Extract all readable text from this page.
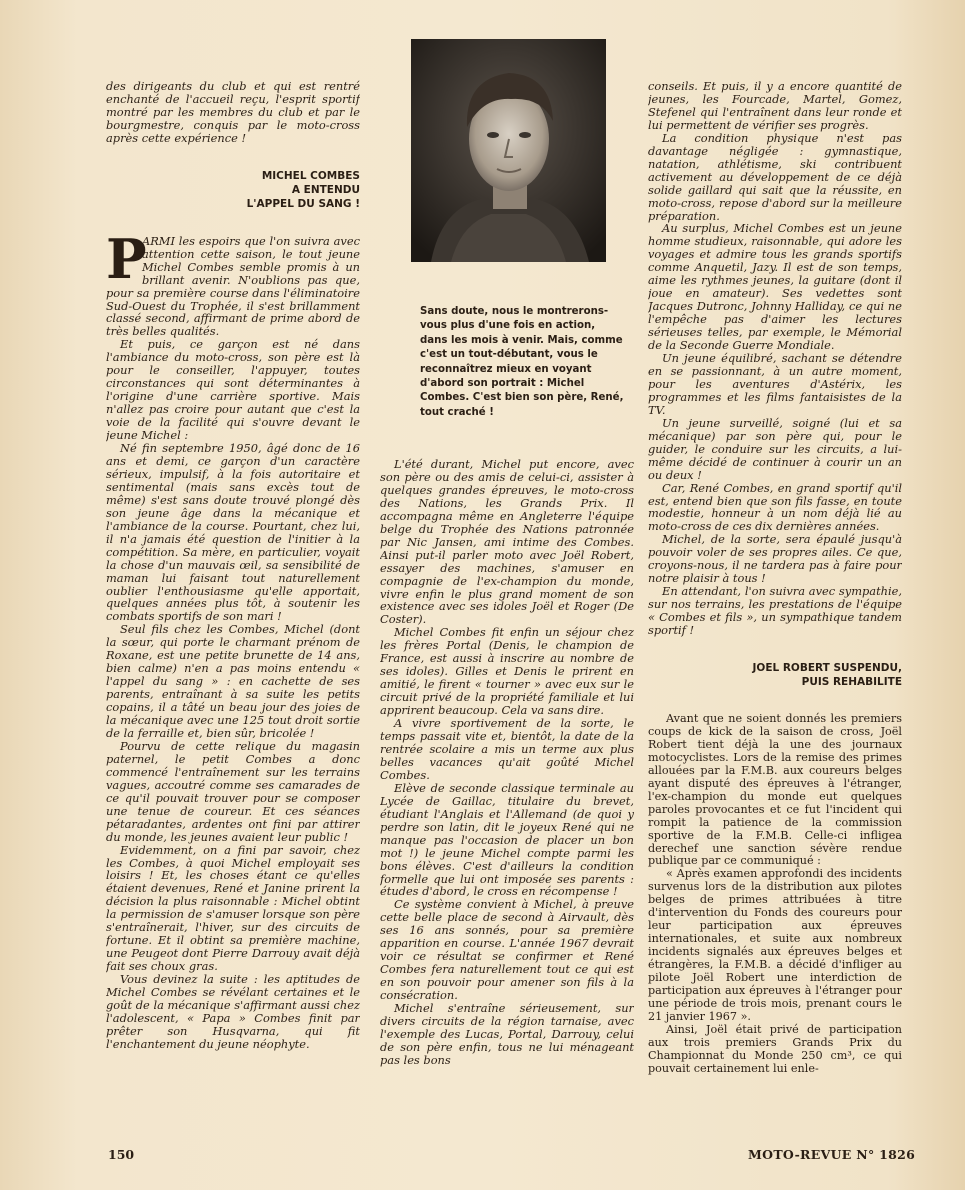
des dirigeants du club et qui est rentré enchanté de l'accueil reçu, l'esprit sportif montré par les membres du club et par le bourgmestre, conquis par le moto-cross après cette expérience !

MICHEL COMBES
A ENTENDU
L'APPEL DU SANG !

P
ARMI les espoirs que l'on suivra avec attention cette saison, le tout jeune Michel Combes semble promis à un brillant avenir. N'oublions pas que, pour sa première course dans l'éliminatoire Sud-Ouest du Trophée, il s'est brillamment classé second, affirmant de prime abord de très belles qualités.

Et puis, ce garçon est né dans l'ambiance du moto-cross, son père est là pour le conseiller, l'appuyer, toutes circonstances qui sont déterminantes à l'origine d'une carrière sportive. Mais n'allez pas croire pour autant que c'est la voie de la facilité qui s'ouvre devant le jeune Michel :

Né fin septembre 1950, âgé donc de 16 ans et demi, ce garçon d'un caractère sérieux, impulsif, à la fois autoritaire et sentimental (mais sans excès tout de même) s'est sans doute trouvé plongé dès son jeune âge dans la mécanique et l'ambiance de la course. Pourtant, chez lui, il n'a jamais été question de l'initier à la compétition. Sa mère, en particulier, voyait la chose d'un mauvais œil, sa sensibilité de maman lui faisant tout naturellement oublier l'enthousiasme qu'elle apportait, quelques années plus tôt, à soutenir les combats sportifs de son mari !

Seul fils chez les Combes, Michel (dont la sœur, qui porte le charmant prénom de Roxane, est une petite brunette de 14 ans, bien calme) n'en a pas moins entendu « l'appel du sang » : en cachette de ses parents, entraînant à sa suite les petits copains, il a tâté un beau jour des joies de la mécanique avec une 125 tout droit sortie de la ferraille et, bien sûr, bricolée !

Pourvu de cette relique du magasin paternel, le petit Combes a donc commencé l'entraînement sur les terrains vagues, accoutré comme ses camarades de ce qu'il pouvait trouver pour se composer une tenue de coureur. Et ces séances pétaradantes, ardentes ont fini par attirer du monde, les jeunes avaient leur public !

Evidemment, on a fini par savoir, chez les Combes, à quoi Michel employait ses loisirs ! Et, les choses étant ce qu'elles étaient devenues, René et Janine prirent la décision la plus raisonnable : Michel obtint la permission de s'amuser lorsque son père s'entraînerait, l'hiver, sur des circuits de fortune. Et il obtint sa première machine, une Peugeot dont Pierre Darrouy avait déjà fait ses choux gras.

Vous devinez la suite : les aptitudes de Michel Combes se révélant certaines et le goût de la mécanique s'affirmant aussi chez l'adolescent, « Papa » Combes finit par prêter son Husqvarna, qui fit l'enchantement du jeune néophyte.

Sans doute, nous le montrerons-vous plus d'une fois en action, dans les mois à venir. Mais, comme c'est un tout-débutant, vous le reconnaîtrez mieux en voyant d'abord son portrait : Michel Combes. C'est bien son père, René, tout craché !

L'été durant, Michel put encore, avec son père ou des amis de celui-ci, assister à quelques grandes épreuves, le moto-cross des Nations, les Grands Prix. Il accompagna même en Angleterre l'équipe belge du Trophée des Nations patronnée par Nic Jansen, ami intime des Combes. Ainsi put-il parler moto avec Joël Robert, essayer des machines, s'amuser en compagnie de l'ex-champion du monde, vivre enfin le plus grand moment de son existence avec ses idoles Joël et Roger (De Coster).

Michel Combes fit enfin un séjour chez les frères Portal (Denis, le champion de France, est aussi à inscrire au nombre de ses idoles). Gilles et Denis le prirent en amitié, le firent « tourner » avec eux sur le circuit privé de la propriété familiale et lui apprirent beaucoup. Cela va sans dire.

A vivre sportivement de la sorte, le temps passait vite et, bientôt, la date de la rentrée scolaire a mis un terme aux plus belles vacances qu'ait goûté Michel Combes.

Elève de seconde classique terminale au Lycée de Gaillac, titulaire du brevet, étudiant l'Anglais et l'Allemand (de quoi y perdre son latin, dit le joyeux René qui ne manque pas l'occasion de placer un bon mot !) le jeune Michel compte parmi les bons élèves. C'est d'ailleurs la condition formelle que lui ont imposée ses parents : études d'abord, le cross en récompense !

Ce système convient à Michel, à preuve cette belle place de second à Airvault, dès ses 16 ans sonnés, pour sa première apparition en course. L'année 1967 devrait voir ce résultat se confirmer et René Combes fera naturellement tout ce qui est en son pouvoir pour amener son fils à la consécration.

Michel s'entraîne sérieusement, sur divers circuits de la région tarnaise, avec l'exemple des Lucas, Portal, Darrouy, celui de son père enfin, tous ne lui ménageant pas les bons

conseils. Et puis, il y a encore quantité de jeunes, les Fourcade, Martel, Gomez, Stefenel qui l'entraînent dans leur ronde et lui permettent de vérifier ses progrès.

La condition physique n'est pas davantage négligée : gymnastique, natation, athlétisme, ski contribuent activement au développement de ce déjà solide gaillard qui sait que la réussite, en moto-cross, repose d'abord sur la meilleure préparation.

Au surplus, Michel Combes est un jeune homme studieux, raisonnable, qui adore les voyages et admire tous les grands sportifs comme Anquetil, Jazy. Il est de son temps, aime les rythmes jeunes, la guitare (dont il joue en amateur). Ses vedettes sont Jacques Dutronc, Johnny Halliday, ce qui ne l'empêche pas d'aimer les lectures sérieuses telles, par exemple, le Mémorial de la Seconde Guerre Mondiale.

Un jeune équilibré, sachant se détendre en se passionnant, à un autre moment, pour les aventures d'Astérix, les programmes et les films fantaisistes de la TV.

Un jeune surveillé, soigné (lui et sa mécanique) par son père qui, pour le guider, le conduire sur les circuits, a lui-même décidé de continuer à courir un an ou deux !

Car, René Combes, en grand sportif qu'il est, entend bien que son fils fasse, en toute modestie, honneur à un nom déjà lié au moto-cross de ces dix dernières années.

Michel, de la sorte, sera épaulé jusqu'à pouvoir voler de ses propres ailes. Ce que, croyons-nous, il ne tardera pas à faire pour notre plaisir à tous !

En attendant, l'on suivra avec sympathie, sur nos terrains, les prestations de l'équipe « Combes et fils », un sympathique tandem sportif !

JOEL ROBERT SUSPENDU,
PUIS REHABILITE

Avant que ne soient donnés les premiers coups de kick de la saison de cross, Joël Robert tient déjà la une des journaux motocyclistes. Lors de la remise des primes allouées par la F.M.B. aux coureurs belges ayant disputé des épreuves à l'étranger, l'ex-champion du monde eut quelques paroles provocantes et ce fut l'incident qui rompit la patience de la commission sportive de la F.M.B. Celle-ci infligea derechef une sanction sévère rendue publique par ce communiqué :

« Après examen approfondi des incidents survenus lors de la distribution aux pilotes belges de primes attribuées à titre d'intervention du Fonds des coureurs pour leur participation aux épreuves internationales, et suite aux nombreux incidents signalés aux épreuves belges et étrangères, la F.M.B. a décidé d'infliger au pilote Joël Robert une interdiction de participation aux épreuves à l'étranger pour une période de trois mois, prenant cours le 21 janvier 1967 ».

Ainsi, Joël était privé de participation aux trois premiers Grands Prix du Championnat du Monde 250 cm³, ce qui pouvait certainement lui enle-

150	MOTO-REVUE N° 1826
